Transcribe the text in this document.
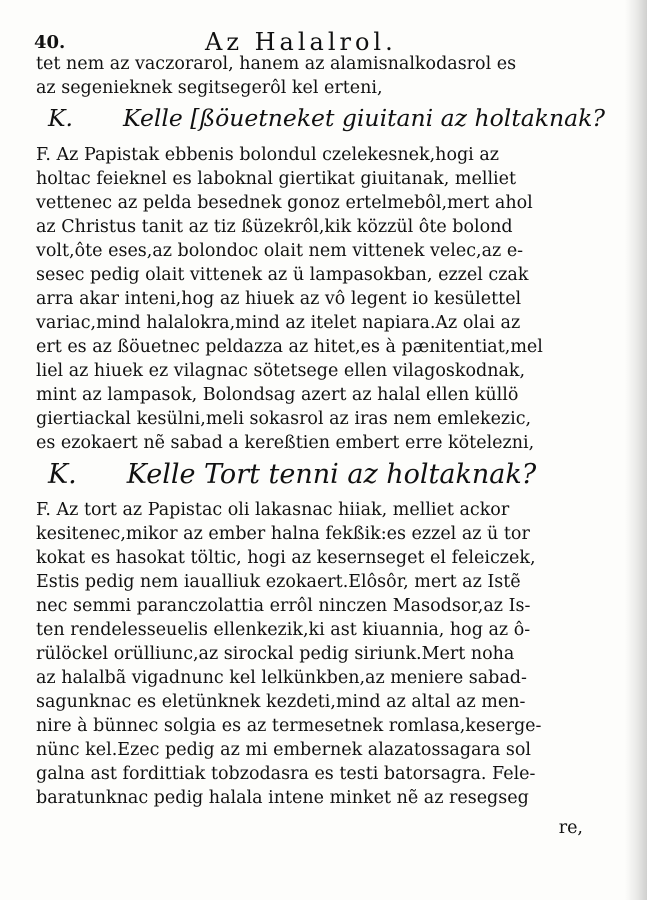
40.	Az Halalrol.
tet nem az vaczorarol, hanem az alamisnalkodasrol es
az segenieknek segitsegerôl kel erteni,
K. Kelle [ßöuetneket giuitani az holtaknak?
F. Az Papistak ebbenis bolondul czelekesnek,hogi az
holtac feieknel es laboknal giertikat giuitanak, melliet
vettenec az pelda besednek gonoz ertelmebôl,mert ahol
az Christus tanit az tiz ßüzekrôl,kik közzül ôte bolond
volt,ôte eses,az bolondoc olait nem vittenek velec,az e-
sesec pedig olait vittenek az ü lampasokban, ezzel czak
arra akar inteni,hog az hiuek az vô legent io kesülettel
variac,mind halalokra,mind az itelet napiara.Az olai az
ert es az ßöuetnec peldazza az hitet,es à pænitentiat,mel
liel az hiuek ez vilagnac sötetsege ellen vilagoskodnak,
mint az lampasok, Bolondsag azert az halal ellen küllö
giertiackal kesülni,meli sokasrol az iras nem emlekezic,
es ezokaert nẽ sabad a kereßtien embert erre kötelezni,
K. Kelle Tort tenni az holtaknak?
F. Az tort az Papistac oli lakasnac hiiak, melliet ackor
kesitenec,mikor az ember halna fekßik:es ezzel az ü tor
kokat es hasokat töltic, hogi az kesernseget el feleiczek,
Estis pedig nem iaualliuk ezokaert.Elôsôr, mert az Istẽ
nec semmi paranczolattia errôl ninczen Masodsor,az Is-
ten rendelesseuelis ellenkezik,ki ast kiuannia, hog az ô-
rülöckel orülliunc,az sirockal pedig siriunk.Mert noha
az halalbã vigadnunc kel lelkünkben,az meniere sabad-
sagunknac es eletünknek kezdeti,mind az altal az men-
nire à bünnec solgia es az termesetnek romlasa,keserge-
nünc kel.Ezec pedig az mi embernek alazatossagara sol
galna ast fordittiak tobzodasra es testi batorsagra. Fele-
baratunknac pedig halala intene minket nẽ az resegseg
re,
